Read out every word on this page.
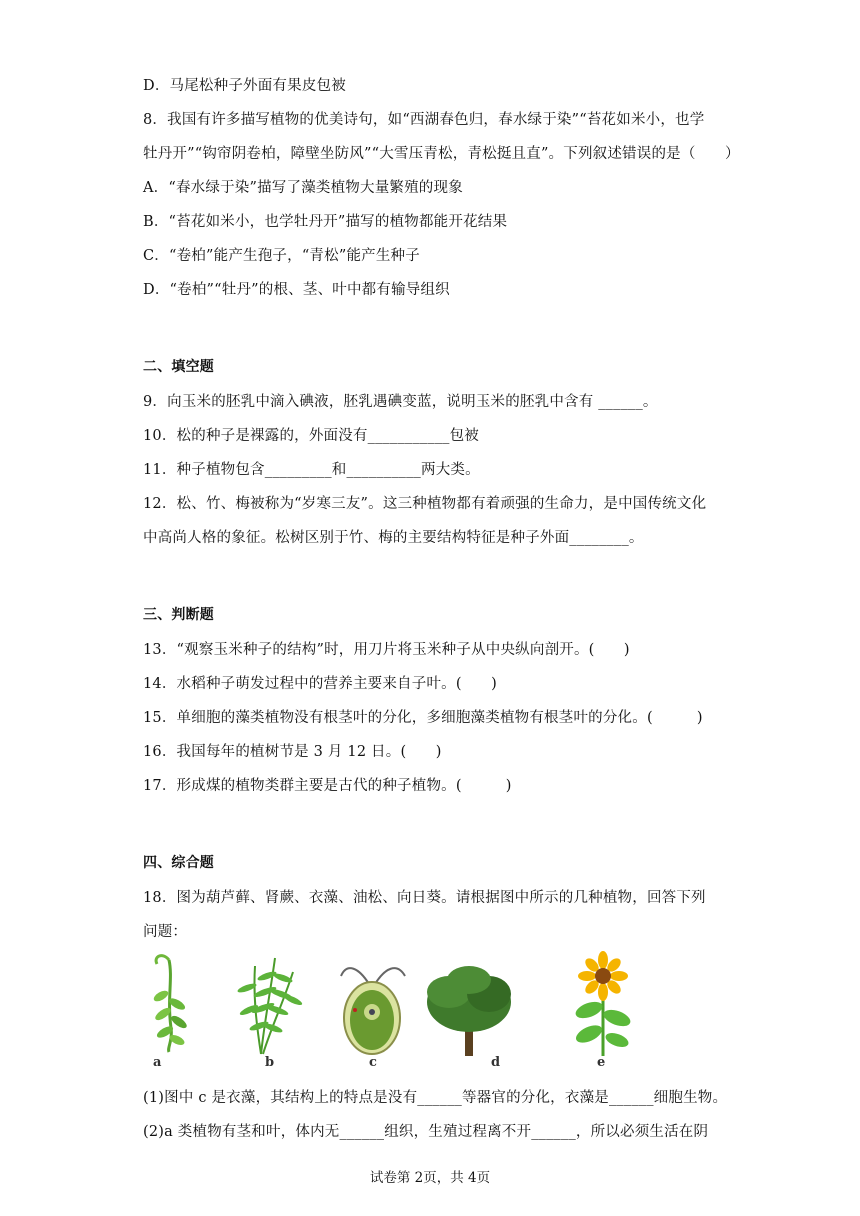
D．马尾松种子外面有果皮包被
8．我国有许多描写植物的优美诗句，如“西湖春色归，春水绿于染”“苔花如米小，也学
牡丹开”“钩帘阴卷柏，障壁坐防风”“大雪压青松，青松挺且直”。下列叙述错误的是（　　）
A．“春水绿于染”描写了藻类植物大量繁殖的现象
B．“苔花如米小，也学牡丹开”描写的植物都能开花结果
C．“卷柏”能产生孢子，“青松”能产生种子
D．“卷柏”“牡丹”的根、茎、叶中都有输导组织
9．向玉米的胚乳中滴入碘液，胚乳遇碘变蓝，说明玉米的胚乳中含有 ______。
10．松的种子是裸露的，外面没有___________包被
11．种子植物包含_________和__________两大类。
12．松、竹、梅被称为“岁寒三友”。这三种植物都有着顽强的生命力，是中国传统文化
中高尚人格的象征。松树区别于竹、梅的主要结构特征是种子外面________。
13．“观察玉米种子的结构”时，用刀片将玉米种子从中央纵向剖开。(　　)
14．水稻种子萌发过程中的营养主要来自子叶。(　　)
15．单细胞的藻类植物没有根茎叶的分化，多细胞藻类植物有根茎叶的分化。(　　　)
16．我国每年的植树节是 3 月 12 日。(　　)
17．形成煤的植物类群主要是古代的种子植物。(　　　)
18．图为葫芦藓、肾蕨、衣藻、油松、向日葵。请根据图中所示的几种植物，回答下列
问题：
(1)图中 c 是衣藻，其结构上的特点是没有______等器官的分化，衣藻是______细胞生物。
(2)a 类植物有茎和叶，体内无______组织，生殖过程离不开______，所以必须生活在阴
二、填空题
三、判断题
四、综合题
a	b	c	d	e
试卷第 2页，共 4页
